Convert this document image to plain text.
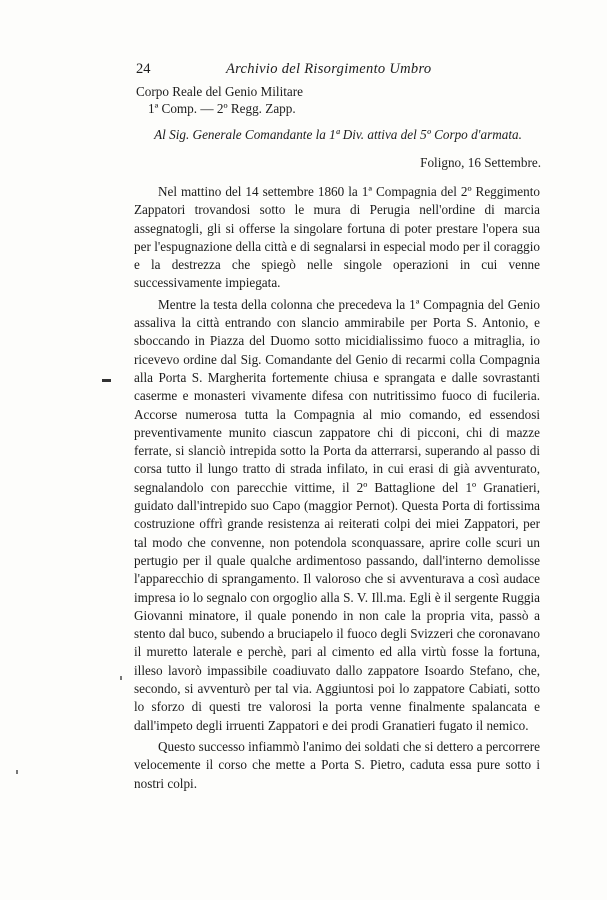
24	Archivio del Risorgimento Umbro
Corpo Reale del Genio Militare
1ª Comp. — 2º Regg. Zapp.
Al Sig. Generale Comandante la 1ª Div. attiva del 5º Corpo d'armata.
Foligno, 16 Settembre.

Nel mattino del 14 settembre 1860 la 1ª Compagnia del 2º Reggimento Zappatori trovandosi sotto le mura di Perugia nell'ordine di marcia assegnatogli, gli si offerse la singolare fortuna di poter prestare l'opera sua per l'espugnazione della città e di segnalarsi in especial modo per il coraggio e la destrezza che spiegò nelle singole operazioni in cui venne successivamente impiegata.

Mentre la testa della colonna che precedeva la 1ª Compagnia del Genio assaliva la città entrando con slancio ammirabile per Porta S. Antonio, e sboccando in Piazza del Duomo sotto micidialissimo fuoco a mitraglia, io ricevevo ordine dal Sig. Comandante del Genio di recarmi colla Compagnia alla Porta S. Margherita fortemente chiusa e sprangata e dalle sovrastanti caserme e monasteri vivamente difesa con nutritissimo fuoco di fucileria. Accorse numerosa tutta la Compagnia al mio comando, ed essendosi preventivamente munito ciascun zappatore chi di picconi, chi di mazze ferrate, si slanciò intrepida sotto la Porta da atterrarsi, superando al passo di corsa tutto il lungo tratto di strada infilato, in cui erasi di già avventurato, segnalandolo con parecchie vittime, il 2º Battaglione del 1º Granatieri, guidato dall'intrepido suo Capo (maggior Pernot). Questa Porta di fortissima costruzione offrì grande resistenza ai reiterati colpi dei miei Zappatori, per tal modo che convenne, non potendola sconquassare, aprire colle scuri un pertugio per il quale qualche ardimentoso passando, dall'interno demolisse l'apparecchio di sprangamento. Il valoroso che si avventurava a così audace impresa io lo segnalo con orgoglio alla S. V. Ill.ma. Egli è il sergente Ruggia Giovanni minatore, il quale ponendo in non cale la propria vita, passò a stento dal buco, subendo a bruciapelo il fuoco degli Svizzeri che coronavano il muretto laterale e perchè, pari al cimento ed alla virtù fosse la fortuna, illeso lavorò impassibile coadiuvato dallo zappatore Isoardo Stefano, che, secondo, si avventurò per tal via. Aggiuntosi poi lo zappatore Cabiati, sotto lo sforzo di questi tre valorosi la porta venne finalmente spalancata e dall'impeto degli irruenti Zappatori e dei prodi Granatieri fugato il nemico.

Questo successo infiammò l'animo dei soldati che si dettero a percorrere velocemente il corso che mette a Porta S. Pietro, caduta essa pure sotto i nostri colpi.
